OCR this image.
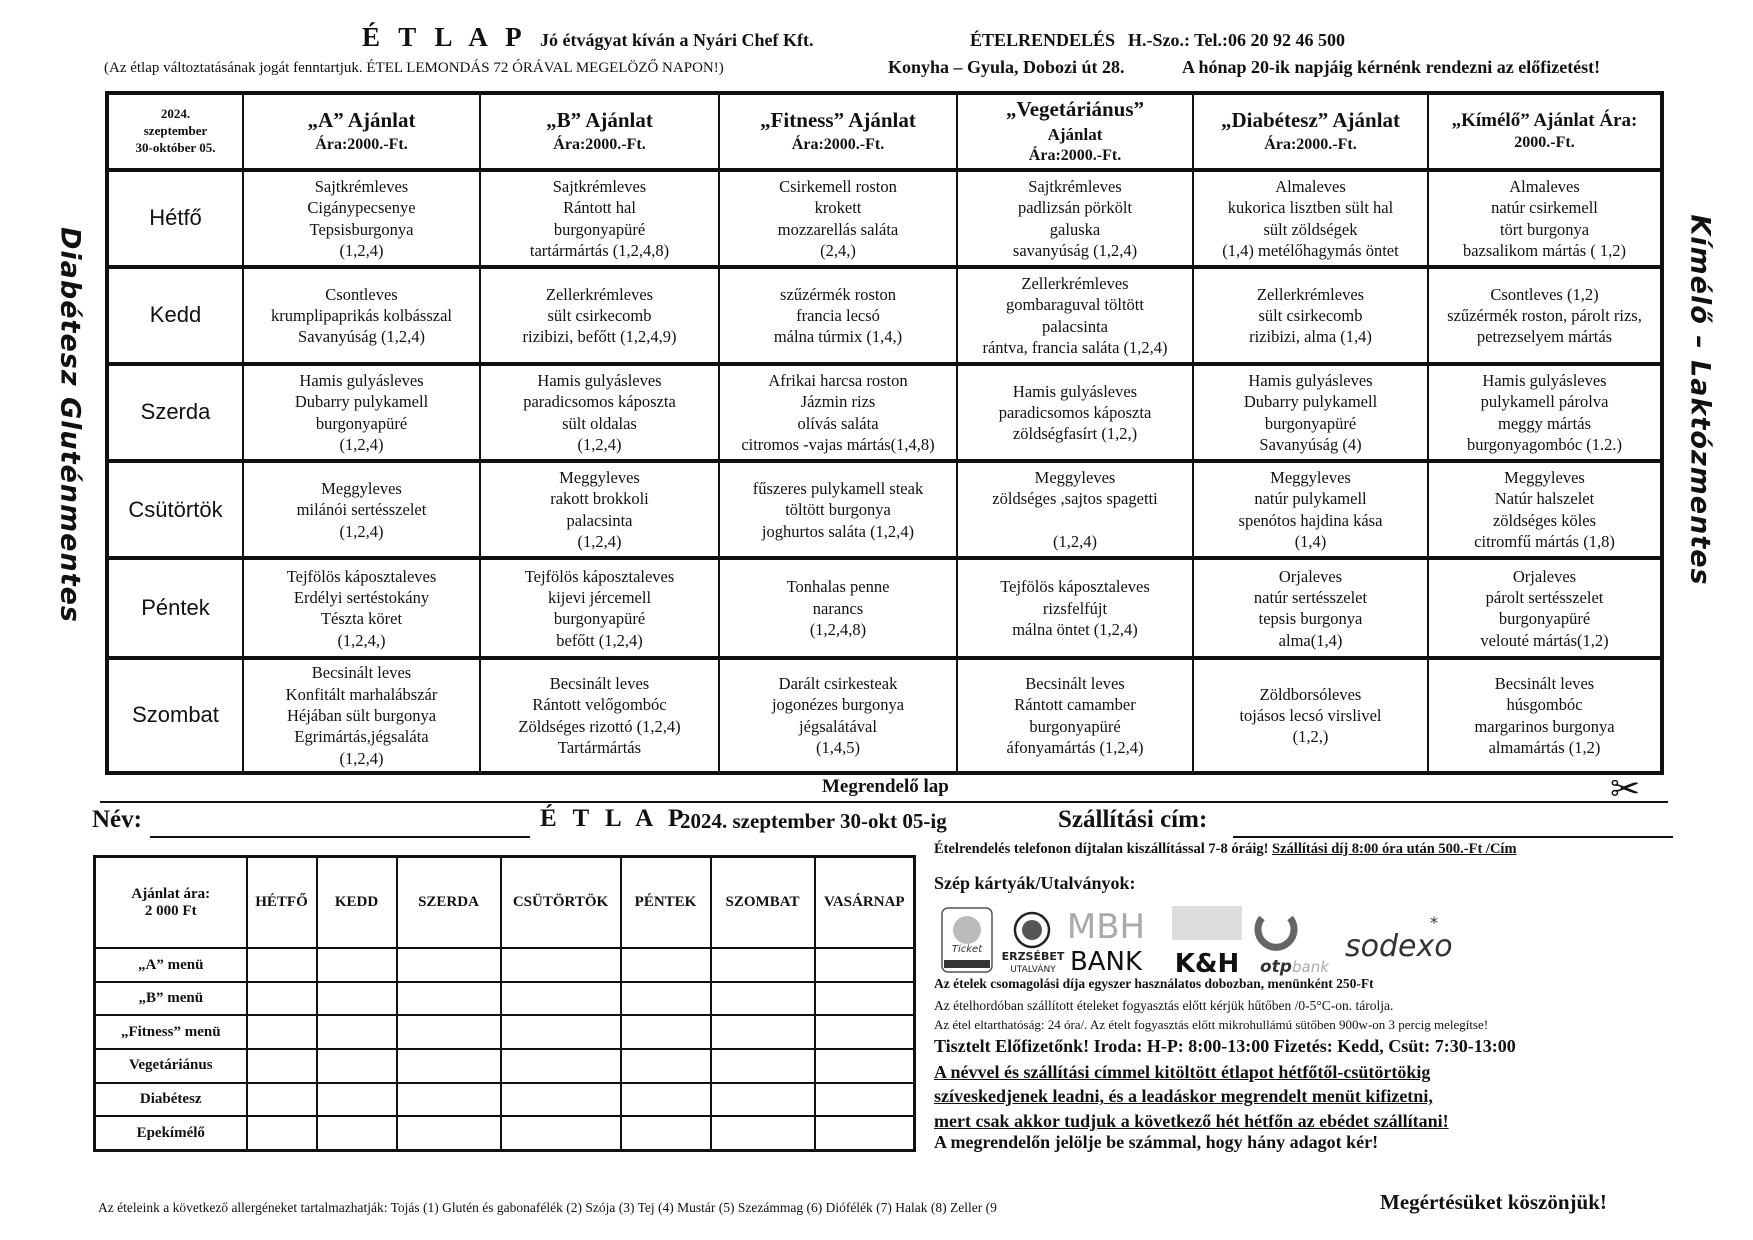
É T L A P Jó étvágyat kíván a Nyári Chef Kft.	ÉTELRENDELÉS H.-Szo.: Tel.:06 20 92 46 500
(Az étlap változtatásának jogát fenntartjuk. ÉTEL LEMONDÁS 72 ÓRÁVAL MEGELÖZŐ NAPON!)	Konyha – Gyula, Dobozi út 28.	A hónap 20-ik napjáig kérnénk rendezni az előfizetést!
Diabétesz Gluténmentes	Kímélő – Laktózmentes
2024.
szeptember
30-október 05.	„A” Ajánlat
Ára:2000.-Ft.	„B” Ajánlat
Ára:2000.-Ft.	„Fitness” Ajánlat
Ára:2000.-Ft.	„Vegetáriánus”
Ajánlat
Ára:2000.-Ft.	„Diabétesz” Ajánlat
Ára:2000.-Ft.	„Kímélő” Ajánlat Ára:
2000.-Ft.

Hétfő	Sajtkrémleves
Cigánypecsenye
Tepsisburgonya
(1,2,4)	Sajtkrémleves
Rántott hal
burgonyapüré
tartármártás (1,2,4,8)	Csirkemell roston
krokett
mozzarellás saláta
(2,4,)	Sajtkrémleves
padlizsán pörkölt
galuska
savanyúság (1,2,4)	Almaleves
kukorica lisztben sült hal
sült zöldségek
(1,4) metélőhagymás öntet	Almaleves
natúr csirkemell
tört burgonya
bazsalikom mártás ( 1,2)

Kedd	Csontleves
krumplipaprikás kolbásszal
Savanyúság (1,2,4)	Zellerkrémleves
sült csirkecomb
rizibizi, befőtt (1,2,4,9)	szűzérmék roston
francia lecsó
málna túrmix (1,4,)	Zellerkrémleves
gombaraguval töltött
palacsinta
rántva, francia saláta (1,2,4)	Zellerkrémleves
sült csirkecomb
rizibizi, alma (1,4)	Csontleves (1,2)
szűzérmék roston, párolt rizs,
petrezselyem mártás

Szerda	Hamis gulyásleves
Dubarry pulykamell
burgonyapüré
(1,2,4)	Hamis gulyásleves
paradicsomos káposzta
sült oldalas
(1,2,4)	Afrikai harcsa roston
Jázmin rizs
olívás saláta
citromos -vajas mártás(1,4,8)	Hamis gulyásleves
paradicsomos káposzta
zöldségfasírt (1,2,)	Hamis gulyásleves
Dubarry pulykamell
burgonyapüré
Savanyúság (4)	Hamis gulyásleves
pulykamell párolva
meggy mártás
burgonyagombóc (1.2.)

Csütörtök	Meggyleves
milánói sertésszelet
(1,2,4)	Meggyleves
rakott brokkoli
palacsinta
(1,2,4)	fűszeres pulykamell steak
töltött burgonya
joghurtos saláta (1,2,4)	Meggyleves
zöldséges ,sajtos spagetti

(1,2,4)	Meggyleves
natúr pulykamell
spenótos hajdina kása
(1,4)	Meggyleves
Natúr halszelet
zöldséges köles
citromfű mártás (1,8)

Péntek	Tejfölös káposztaleves
Erdélyi sertéstokány
Tészta köret
(1,2,4,)	Tejfölös káposztaleves
kijevi jércemell
burgonyapüré
befőtt (1,2,4)	Tonhalas penne
narancs
(1,2,4,8)	Tejfölös káposztaleves
rizsfelfújt
málna öntet (1,2,4)	Orjaleves
natúr sertésszelet
tepsis burgonya
alma(1,4)	Orjaleves
párolt sertésszelet
burgonyapüré
velouté mártás(1,2)

Szombat	Becsinált leves
Konfitált marhalábszár
Héjában sült burgonya
Egrimártás,jégsaláta
(1,2,4)	Becsinált leves
Rántott velőgombóc
Zöldséges rizottó (1,2,4)
Tartármártás	Darált csirkesteak
jogonézes burgonya
jégsalátával
(1,4,5)	Becsinált leves
Rántott camamber
burgonyapüré
áfonyamártás (1,2,4)	Zöldborsóleves
tojásos lecsó virslivel
(1,2,)	Becsinált leves
húsgombóc
margarinos burgonya
almamártás (1,2)
Megrendelő lap	✂
Név:	É T L A P
2024. szeptember 30-okt 05-ig	Szállítási cím:
Ajánlat ára:
2 000 Ft	HÉTFŐ	KEDD	SZERDA	CSÜTÖRTÖK	PÉNTEK	SZOMBAT	VASÁRNAP
„A” menü							
„B” menü							
„Fitness” menü							
Vegetáriánus							
Diabétesz							
Epekímélő							
Ételrendelés telefonon díjtalan kiszállítással 7-8 óráig! Szállítási díj 8:00 óra után 500.-Ft /Cím
Szép kártyák/Utalványok:
Ticket
ERZSÉBET
UTALVÁNY
MBH
BANK K&H otp bank
sodexo
*
Az ételek csomagolási díja egyszer használatos dobozban, menünként 250-Ft
Az ételhordóban szállított ételeket fogyasztás előtt kérjük hűtőben /0-5°C-on. tárolja.
Az étel eltarthatóság: 24 óra/. Az ételt fogyasztás előtt mikrohullámú sütőben 900w-on 3 percig melegítse!
Tisztelt Előfizetőnk! Iroda: H-P: 8:00-13:00 Fizetés: Kedd, Csüt: 7:30-13:00
A névvel és szállítási címmel kitöltött étlapot hétfőtől-csütörtökig
szíveskedjenek leadni, és a leadáskor megrendelt menüt kifizetni,
mert csak akkor tudjuk a következő hét hétfőn az ebédet szállítani!
A megrendelőn jelölje be számmal, hogy hány adagot kér!
Az ételeink a következő allergéneket tartalmazhatják: Tojás (1) Glutén és gabonafélék (2) Szója (3) Tej (4) Mustár (5) Szezámmag (6) Diófélék (7) Halak (8) Zeller (9	Megértésüket köszönjük!
